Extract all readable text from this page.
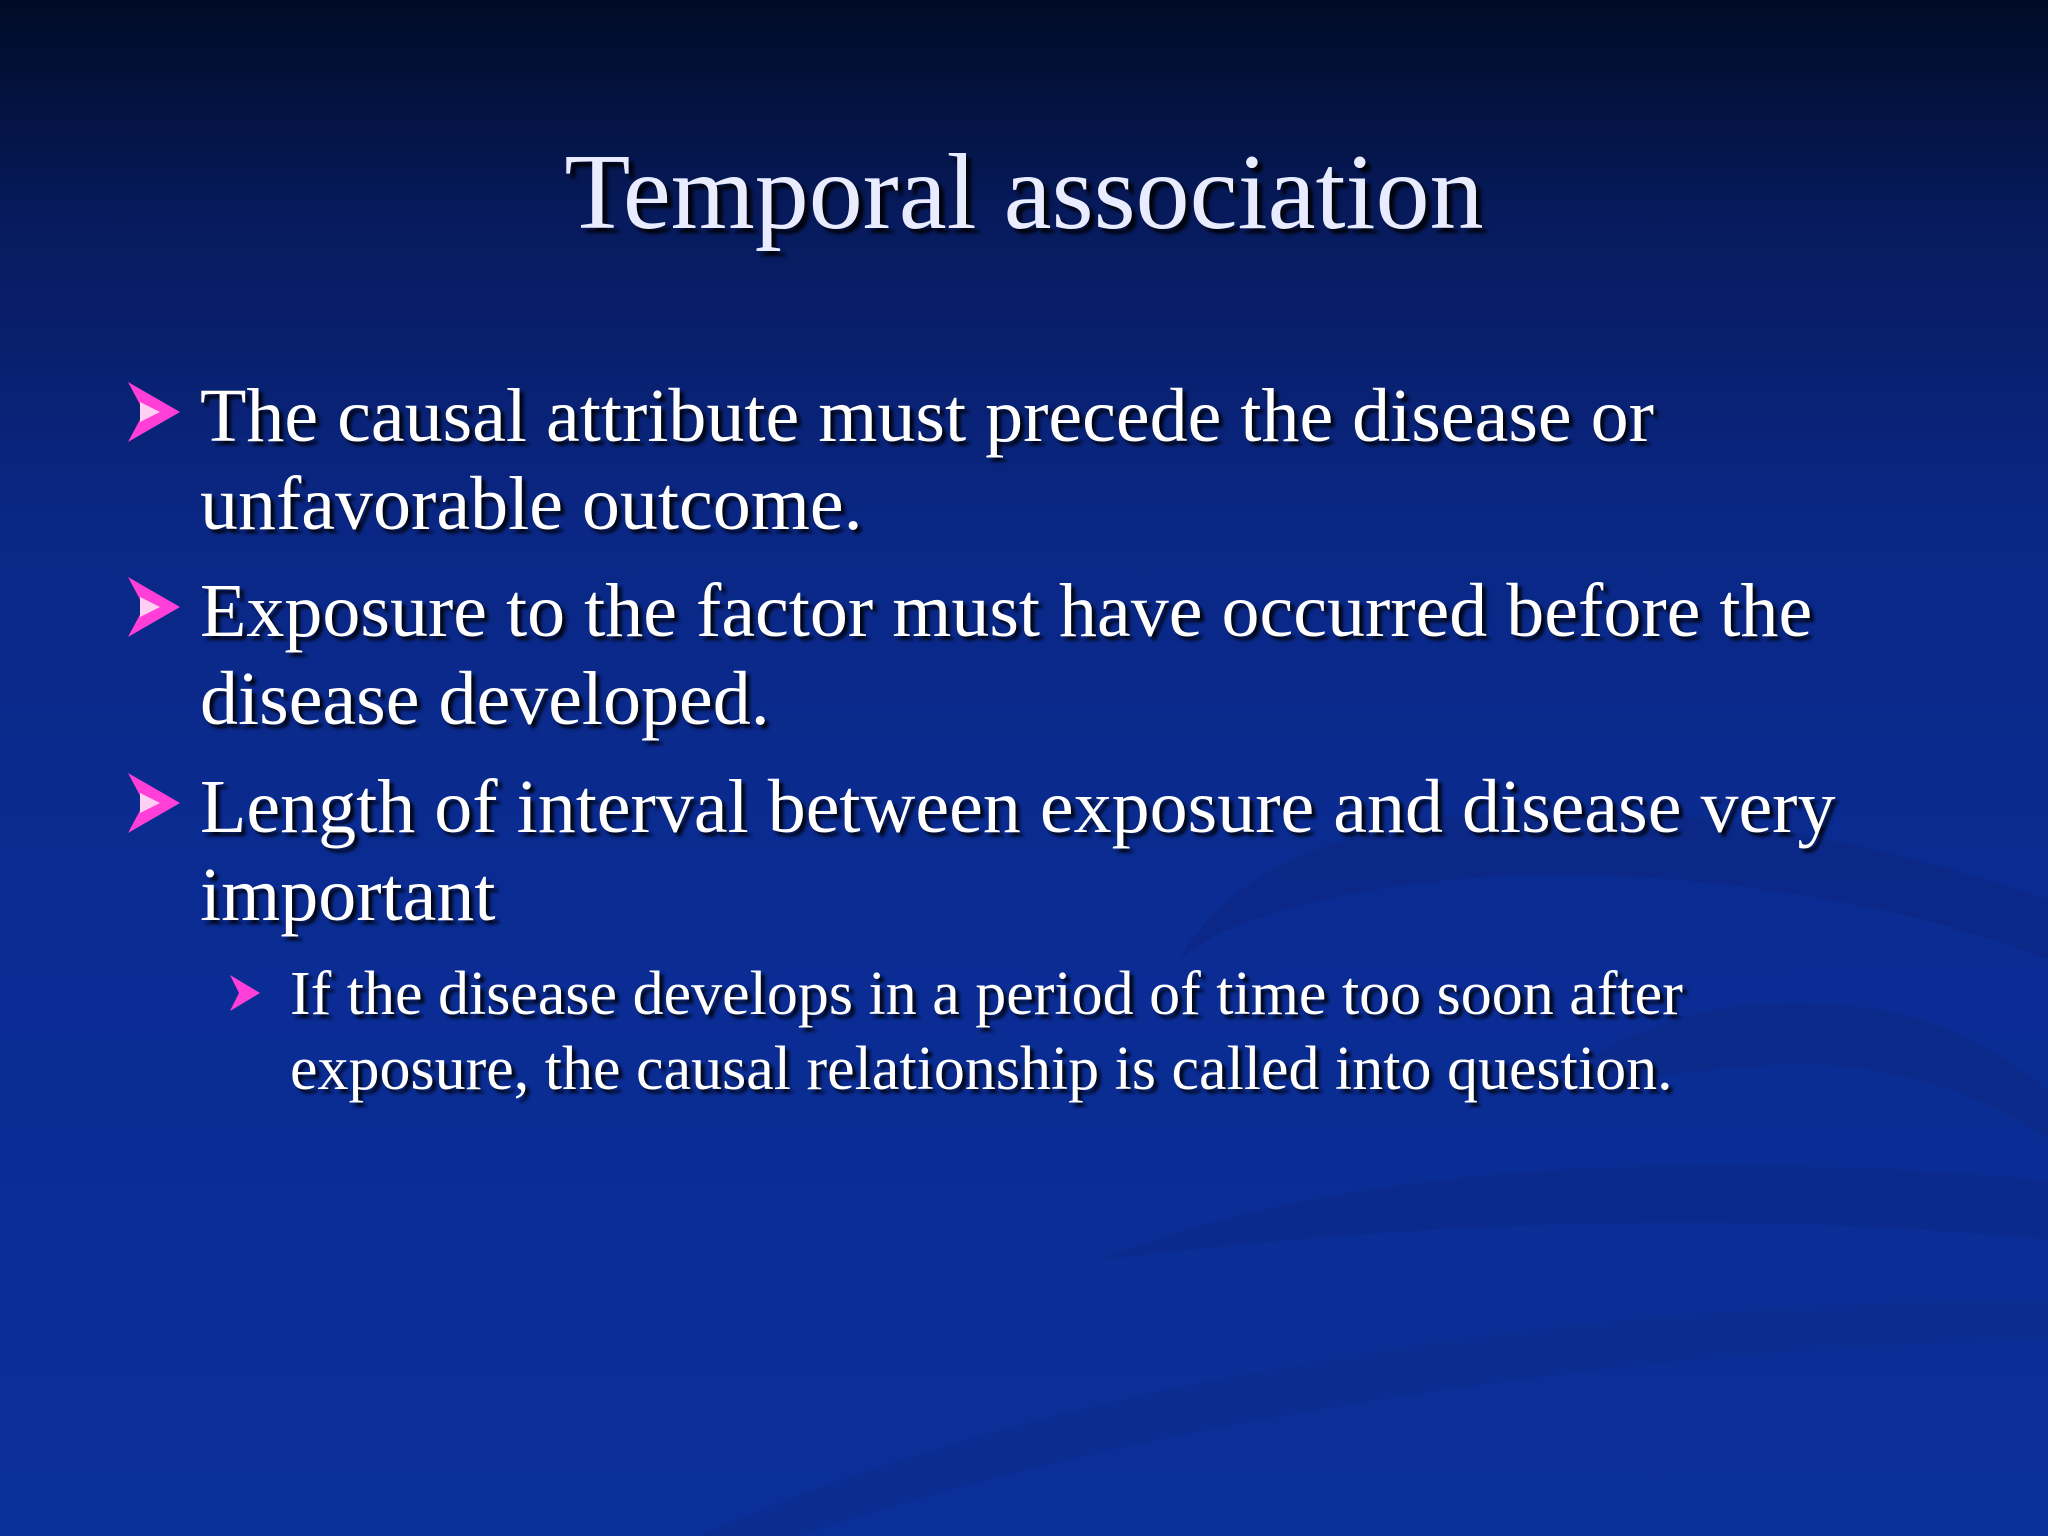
Temporal association
The causal attribute must precede the disease or unfavorable outcome.
Exposure to the factor must have occurred before the disease developed.
Length of interval between exposure and disease very important
If the disease develops in a period of time too soon after exposure, the causal relationship is called into question.
